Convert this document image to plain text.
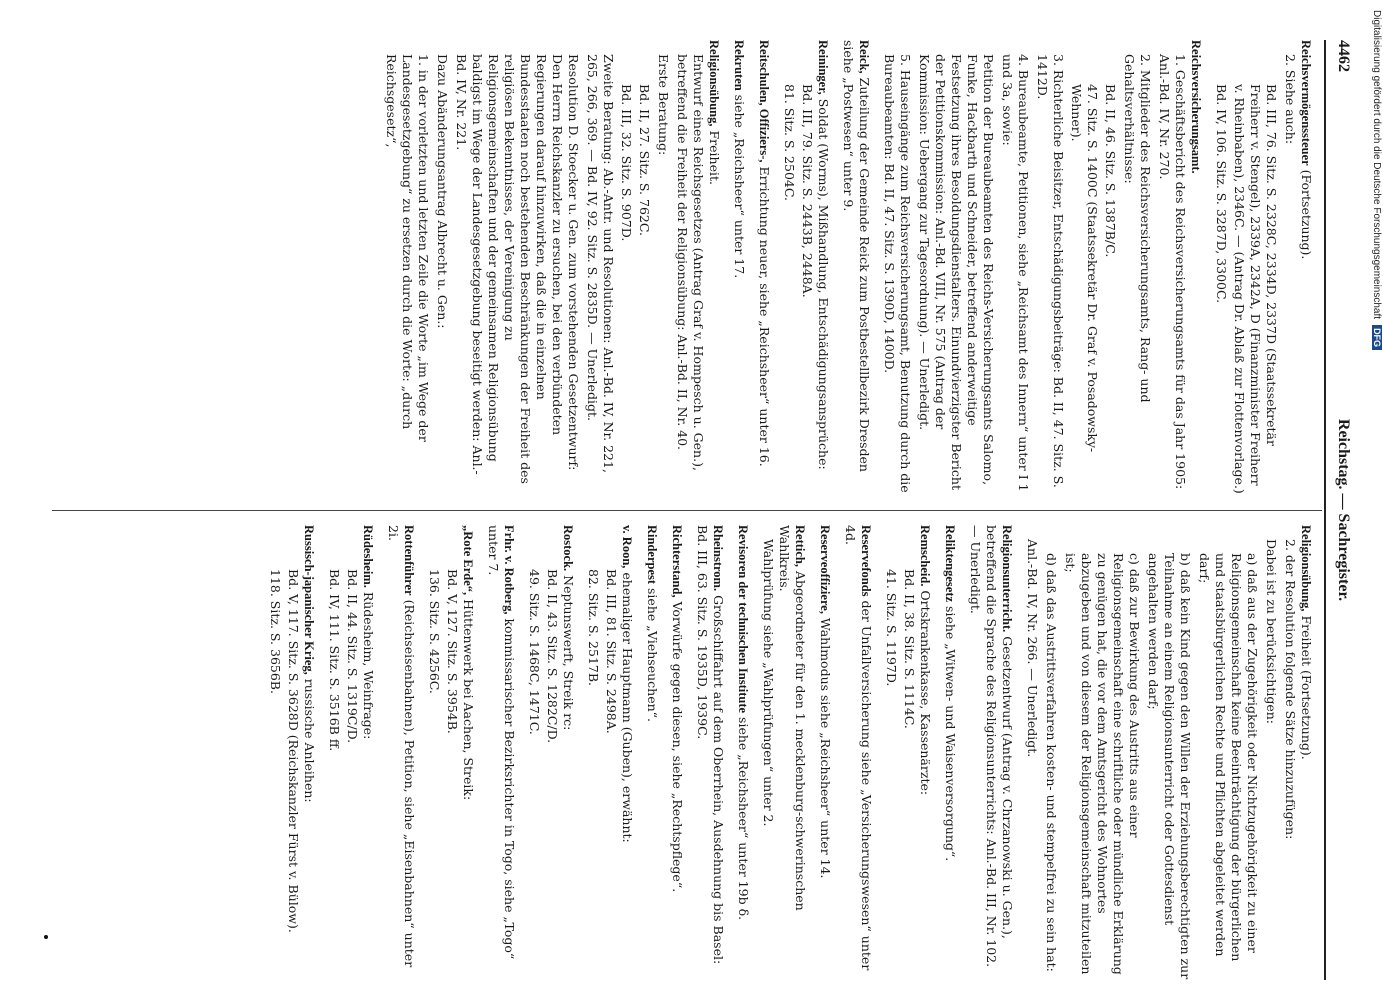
4462
Reichstag. — Sachregister.
Reichsvermögenssteuer (Fortsetzung).
2. Siehe auch:
Bd. III, 76. Sitz. S. 2328C, 2334D, 2337D (Staatssekretär Freiherr v. Stengel), 2339A, 2342A, D (Finanzminister Freiherr v. Rheinbaben), 2346C. — (Antrag Dr. Ablaß zur Flottenvorlage.)
Bd. IV, 106. Sitz. S. 3287D, 3300C.
Reichsversicherungsamt.
1. Geschäftsbericht des Reichsversicherungsamts für das Jahr 1905: Anl.-Bd. IV, Nr. 270.
2. Mitglieder des Reichsversicherungsamts, Rang- und Gehaltsverhältnisse:
Bd. II, 46. Sitz. S. 1387B/C.
47. Sitz. S. 1400C (Staatssekretär Dr. Graf v. Posadowsky-Wehner).
3. Richterliche Beisitzer, Entschädigungsbeiträge: Bd. II, 47. Sitz. S. 1412D.
4. Bureaubeamte, Petitionen, siehe „Reichsamt des Innern“ unter I 1 und 3a, sowie:
Petition der Bureaubeamten des Reichs-Versicherungsamts Salomo, Funke, Hackbarth und Schneider, betreffend anderweitige Festsetzung ihres Besoldungsdienstalters. Einundvierzigster Bericht der Petitionskommission: Anl.-Bd. VIII, Nr. 575 (Antrag der Kommission: Uebergang zur Tagesordnung). — Unerledigt.
5. Hauseingänge zum Reichsversicherungsamt, Benutzung durch die Bureaubeamten: Bd. II, 47. Sitz. S. 1390D, 1400D.
Reick, Zuteilung der Gemeinde Reick zum Postbestellbezirk Dresden siehe „Postwesen“ unter 9.
Reininger, Soldat (Worms), Mißhandlung, Entschädigungsansprüche:
Bd. III, 79. Sitz. S. 2443B, 2448A.
81. Sitz. S. 2504C.
Reitschulen, Offiziers-, Errichtung neuer, siehe „Reichsheer“ unter 16.
Rekruten siehe „Reichsheer“ unter 17.
Religionsübung, Freiheit.
Entwurf eines Reichsgesetzes (Antrag Graf v. Hompesch u. Gen.), betreffend die Freiheit der Religionsübung: Anl.-Bd. II, Nr. 40.
Erste Beratung:
Bd. II, 27. Sitz. S. 762C.
Bd. III, 32. Sitz. S. 907D.
Zweite Beratung: Ab.-Antr. und Resolutionen: Anl.-Bd. IV, Nr. 221, 265, 266, 369. — Bd. IV, 92. Sitz. S. 2835D. — Unerledigt.
Resolution D. Stoecker u. Gen. zum vorstehenden Gesetzentwurf: Den Herrn Reichskanzler zu ersuchen, bei den verbündeten Regierungen darauf hinzuwirken, daß die in einzelnen Bundesstaaten noch bestehenden Beschränkungen der Freiheit des religiösen Bekenntnisses, der Vereinigung zu Religionsgemeinschaften und der gemeinsamen Religionsübung baldigst im Wege der Landesgesetzgebung beseitigt werden: Anl.-Bd. IV, Nr. 221.
Dazu Abänderungsantrag Albrecht u. Gen.:
1. in der vorletzten und letzten Zeile die Worte „im Wege der Landesgesetzgebung“ zu ersetzen durch die Worte: „durch Reichsgesetz“,
Religionsübung, Freiheit (Fortsetzung).
2. der Resolution folgende Sätze hinzuzufügen:
Dabei ist zu berücksichtigen:
a) daß aus der Zugehörigkeit oder Nichtzugehörigkeit zu einer Religionsgemeinschaft keine Beeinträchtigung der bürgerlichen und staatsbürgerlichen Rechte und Pflichten abgeleitet werden darf;
b) daß kein Kind gegen den Willen der Erziehungsberechtigten zur Teilnahme an einem Religionsunterricht oder Gottesdienst angehalten werden darf;
c) daß zur Bewirkung des Austritts aus einer Religionsgemeinschaft eine schriftliche oder mündliche Erklärung zu genügen hat, die vor dem Amtsgericht des Wohnortes abzugeben und von diesem der Religionsgemeinschaft mitzuteilen ist;
d) daß das Austrittsverfahren kosten- und stempelfrei zu sein hat:
Anl.-Bd. IV, Nr. 266. — Unerledigt.
Religionsunterricht. Gesetzentwurf (Antrag v. Chrzanowski u. Gen.), betreffend die Sprache des Religionsunterrichts: Anl.-Bd. III, Nr. 102. — Unerledigt.
Reliktengesetz siehe „Witwen- und Waisenversorgung“.
Remscheid. Ortskrankenkasse, Kassenärzte:
Bd. II, 38. Sitz. S. 1114C.
41. Sitz. S. 1197D.
Reservefonds der Unfallversicherung siehe „Versicherungswesen“ unter 4d.
Reserveoffiziere, Wahlmodus siehe „Reichsheer“ unter 14.
Rettich, Abgeordneter für den 1. mecklenburg-schwerinschen Wahlkreis.
Wahlprüfung siehe „Wahlprüfungen“ unter 2.
Revisoren der technischen Institute siehe „Reichsheer“ unter 19b δ.
Rheinstrom. Großschiffahrt auf dem Oberrhein, Ausdehnung bis Basel: Bd. III, 63. Sitz. S. 1935D, 1939C.
Richterstand, Vorwürfe gegen diesen, siehe „Rechtspflege“.
Rinderpest siehe „Viehseuchen“.
v. Roon, ehemaliger Hauptmann (Guben), erwähnt:
Bd. III, 81. Sitz. S. 2498A.
82. Sitz. S. 2517B.
Rostock. Neptunswerft, Streik rc:
Bd. II, 43. Sitz. S. 1282C/D.
49. Sitz. S. 1468C, 1471C.
Frhr. v. Rotberg, kommissarischer Bezirksrichter in Togo, siehe „Togo“ unter 7.
„Rote Erde“, Hüttenwerk bei Aachen, Streik:
Bd. V, 127. Sitz. S. 3954B.
136. Sitz. S. 4256C.
Rottenführer (Reichseisenbahnen), Petition, siehe „Eisenbahnen“ unter 2i.
Rüdesheim. Rüdesheim, Weinfrage:
Bd. II, 44. Sitz. S. 1319C/D.
Bd. IV, 111. Sitz. S. 3516B ff.
Russisch-japanischer Krieg, russische Anleihen:
Bd. V, 117. Sitz. S. 3628D (Reichskanzler Fürst v. Bülow).
118. Sitz. S. 3656B.
Digitalisierung gefördert durch die Deutsche ForschungsgemeinschaftDFG
